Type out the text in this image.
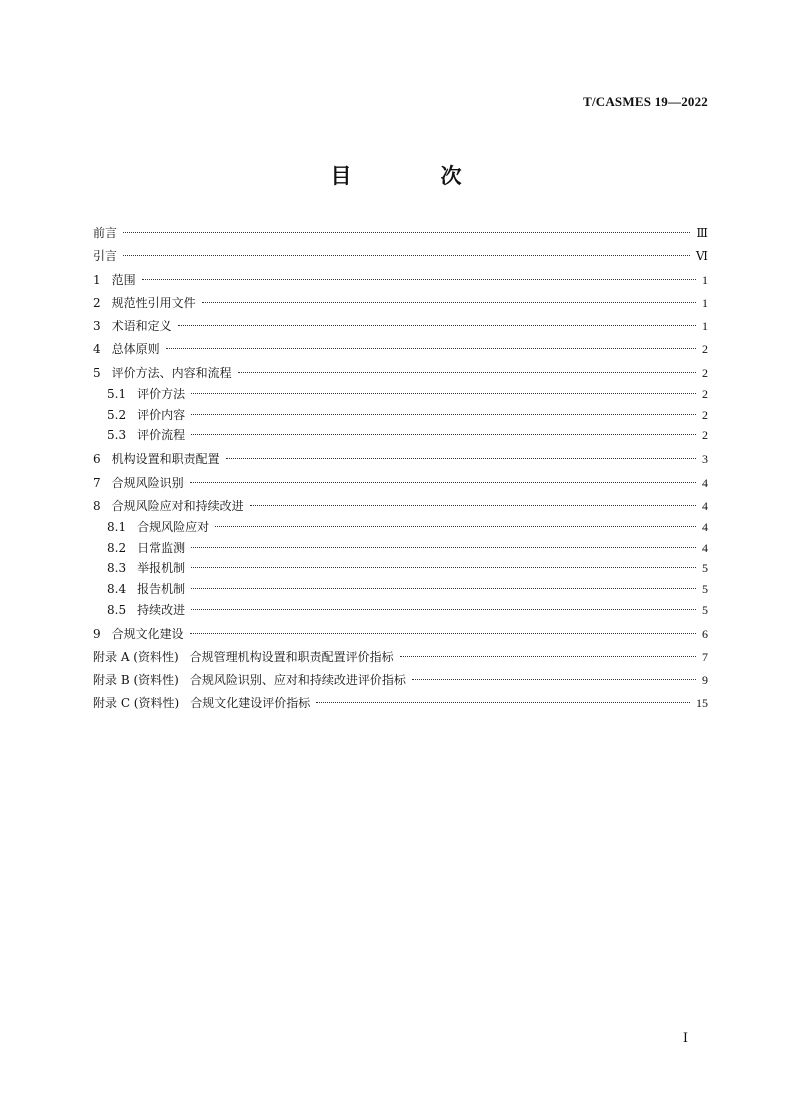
T/CASMES 19—2022
目　次
前言	Ⅲ
引言	Ⅵ
1 范围	1
2 规范性引用文件	1
3 术语和定义	1
4 总体原则	2
5 评价方法、内容和流程	2
5.1 评价方法	2
5.2 评价内容	2
5.3 评价流程	2
6 机构设置和职责配置	3
7 合规风险识别	4
8 合规风险应对和持续改进	4
8.1 合规风险应对	4
8.2 日常监测	4
8.3 举报机制	5
8.4 报告机制	5
8.5 持续改进	5
9 合规文化建设	6
附录 A (资料性) 合规管理机构设置和职责配置评价指标	7
附录 B (资料性) 合规风险识别、应对和持续改进评价指标	9
附录 C (资料性) 合规文化建设评价指标	15
Ⅰ
